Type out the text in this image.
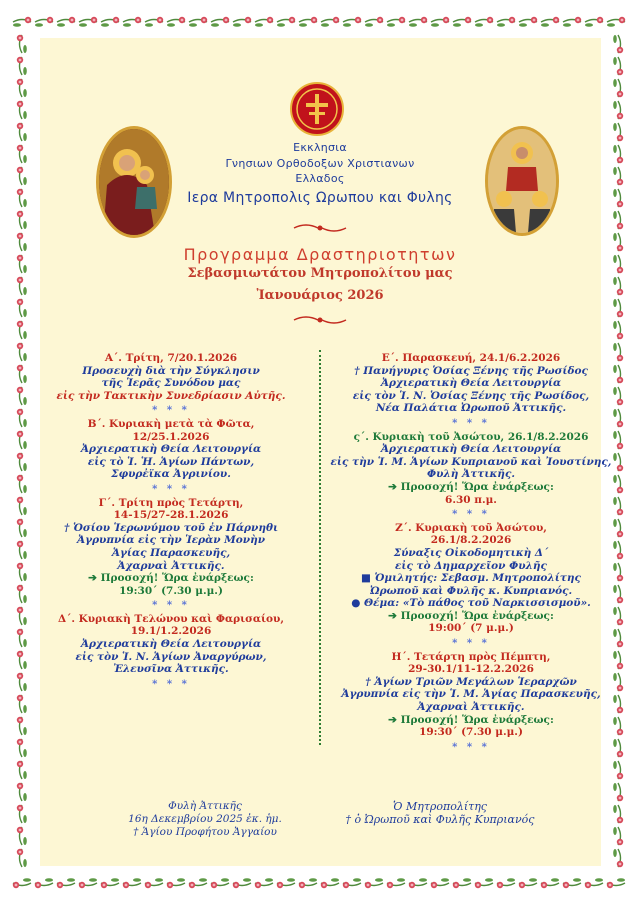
Εκκλησια
Γνησιων Ορθοδοξων Χριστιανων
Ελλαδος
Ιερα Μητροπολις Ωρωπου και Φυλης
Προγραμμα Δραστηριοτητων
Σεβασμιωτάτου Μητροπολίτου μας
Ἰανουάριος 2026
Α΄. Τρίτη, 7/20.1.2026
Προσευχὴ διὰ τὴν Σύγκλησιν
τῆς Ἱερᾶς Συνόδου μας
εἰς τὴν Τακτικὴν Συνεδρίασιν Αὐτῆς.
* * *
Β΄. Κυριακὴ μετὰ τὰ Φῶτα,
12/25.1.2026
Ἀρχιερατικὴ Θεία Λειτουργία
εἰς τὸ Ἱ. Ἡ. Ἁγίων Πάντων,
Σφυρἐϊκα Ἀγρινίου.
* * *
Γ΄. Τρίτη πρὸς Τετάρτη,
14-15/27-28.1.2026
† Ὁσίου Ἱερωνύμου τοῦ ἐν Πάρνηθι
Ἀγρυπνία εἰς τὴν Ἱερὰν Μονὴν
Ἁγίας Παρασκευῆς,
Ἀχαρναὶ Ἀττικῆς.
➔ Προσοχή! Ὥρα ἐνάρξεως:
19:30΄ (7.30 μ.μ.)
* * *
Δ΄. Κυριακὴ Τελώνου καὶ Φαρισαίου,
19.1/1.2.2026
Ἀρχιερατικὴ Θεία Λειτουργία
εἰς τὸν Ἱ. Ν. Ἁγίων Ἀναργύρων,
Ἐλευσῖνα Ἀττικῆς.
* * *
Ε΄. Παρασκευή, 24.1/6.2.2026
† Πανήγυρις Ὁσίας Ξένης τῆς Ρωσίδος
Ἀρχιερατικὴ Θεία Λειτουργία
εἰς τὸν Ἱ. Ν. Ὁσίας Ξένης τῆς Ρωσίδος,
Νέα Παλάτια Ὠρωποῦ Ἀττικῆς.
* * *
ς΄. Κυριακὴ τοῦ Ἀσώτου, 26.1/8.2.2026
Ἀρχιερατικὴ Θεία Λειτουργία
εἰς τὴν Ἱ. Μ. Ἁγίων Κυπριανοῦ καὶ Ἰουστίνης,
Φυλὴ Ἀττικῆς.
➔ Προσοχή! Ὥρα ἐνάρξεως:
6.30 π.μ.
* * *
Ζ΄. Κυριακὴ τοῦ Ἀσώτου,
26.1/8.2.2026
Σύναξις Οἰκοδομητικὴ Δ΄
εἰς τὸ Δημαρχεῖον Φυλῆς
■ Ὁμιλητής: Σεβασμ. Μητροπολίτης
Ὠρωποῦ καὶ Φυλῆς κ. Κυπριανός.
● Θέμα: «Τὸ πάθος τοῦ Ναρκισσισμοῦ».
➔ Προσοχή! Ὥρα ἐνάρξεως:
19:00΄ (7 μ.μ.)
* * *
Η΄. Τετάρτη πρὸς Πέμπτη,
29-30.1/11-12.2.2026
† Ἁγίων Τριῶν Μεγάλων Ἱεραρχῶν
Ἀγρυπνία εἰς τὴν Ἱ. Μ. Ἁγίας Παρασκευῆς,
Ἀχαρναὶ Ἀττικῆς.
➔ Προσοχή! Ὥρα ἐνάρξεως:
19:30΄ (7.30 μ.μ.)
* * *
Φυλὴ Ἀττικῆς
16η Δεκεμβρίου 2025 ἐκ. ἡμ.
† Ἁγίου Προφήτου Ἀγγαίου
Ὁ Μητροπολίτης
† ὁ Ὠρωποῦ καὶ Φυλῆς Κυπριανός
